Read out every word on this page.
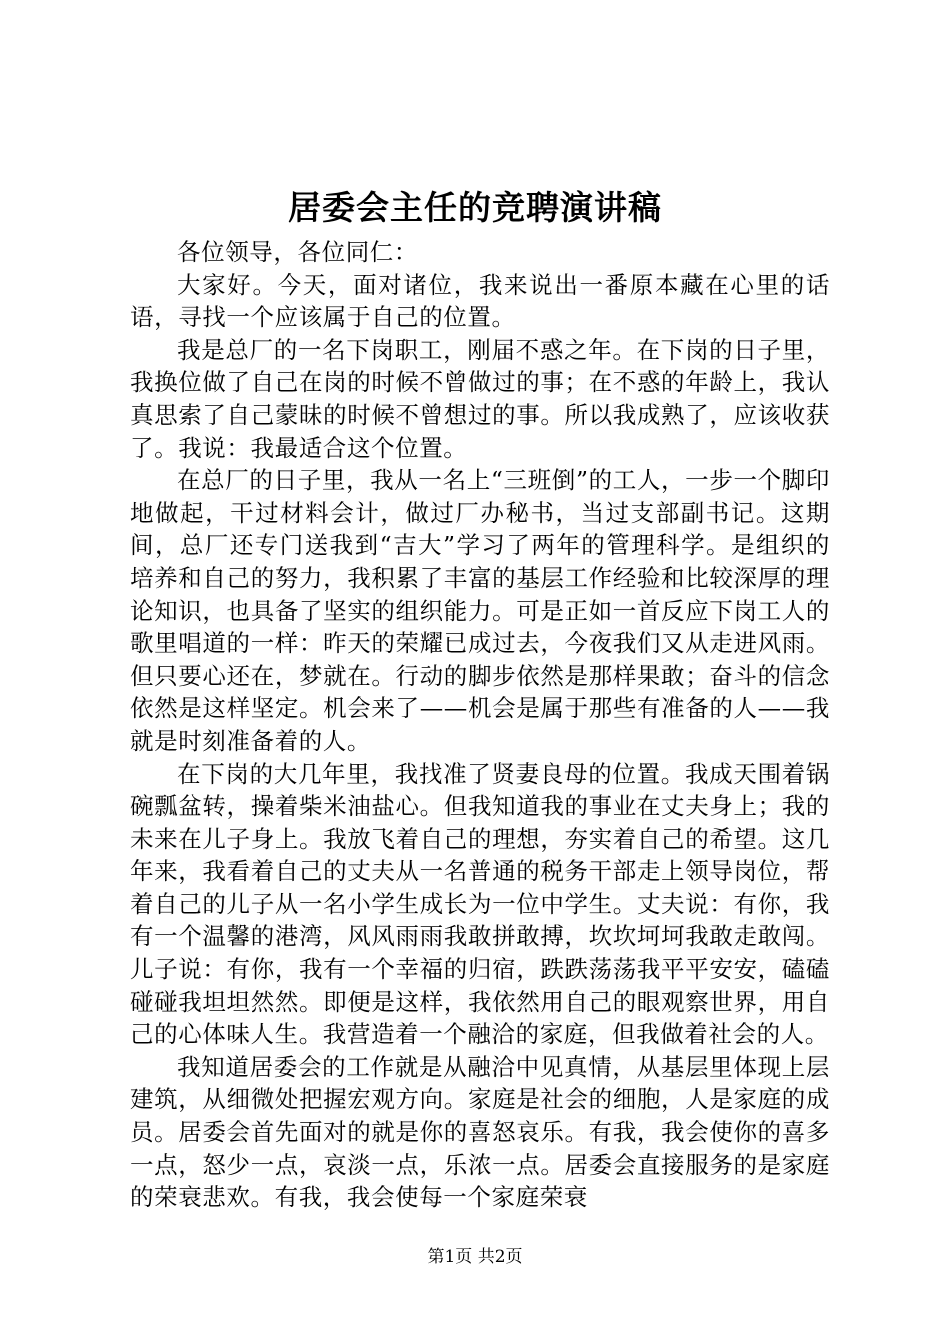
居委会主任的竞聘演讲稿

各位领导，各位同仁：

大家好。今天，面对诸位，我来说出一番原本藏在心里的话语，寻找一个应该属于自己的位置。

我是总厂的一名下岗职工，刚届不惑之年。在下岗的日子里，我换位做了自己在岗的时候不曾做过的事；在不惑的年龄上，我认真思索了自己蒙昧的时候不曾想过的事。所以我成熟了，应该收获了。我说：我最适合这个位置。

在总厂的日子里，我从一名上“三班倒”的工人，一步一个脚印地做起，干过材料会计，做过厂办秘书，当过支部副书记。这期间，总厂还专门送我到“吉大”学习了两年的管理科学。是组织的培养和自己的努力，我积累了丰富的基层工作经验和比较深厚的理论知识，也具备了坚实的组织能力。可是正如一首反应下岗工人的歌里唱道的一样：昨天的荣耀已成过去，今夜我们又从走进风雨。但只要心还在，梦就在。行动的脚步依然是那样果敢；奋斗的信念依然是这样坚定。机会来了——机会是属于那些有准备的人——我就是时刻准备着的人。

在下岗的大几年里，我找准了贤妻良母的位置。我成天围着锅碗瓢盆转，操着柴米油盐心。但我知道我的事业在丈夫身上；我的未来在儿子身上。我放飞着自己的理想，夯实着自己的希望。这几年来，我看着自己的丈夫从一名普通的税务干部走上领导岗位，帮着自己的儿子从一名小学生成长为一位中学生。丈夫说：有你，我有一个温馨的港湾，风风雨雨我敢拼敢搏，坎坎坷坷我敢走敢闯。儿子说：有你，我有一个幸福的归宿，跌跌荡荡我平平安安，磕磕碰碰我坦坦然然。即便是这样，我依然用自己的眼观察世界，用自己的心体味人生。我营造着一个融洽的家庭，但我做着社会的人。

我知道居委会的工作就是从融洽中见真情，从基层里体现上层建筑，从细微处把握宏观方向。家庭是社会的细胞，人是家庭的成员。居委会首先面对的就是你的喜怒哀乐。有我，我会使你的喜多一点，怒少一点，哀淡一点，乐浓一点。居委会直接服务的是家庭的荣衰悲欢。有我，我会使每一个家庭荣衰

第1页 共2页
